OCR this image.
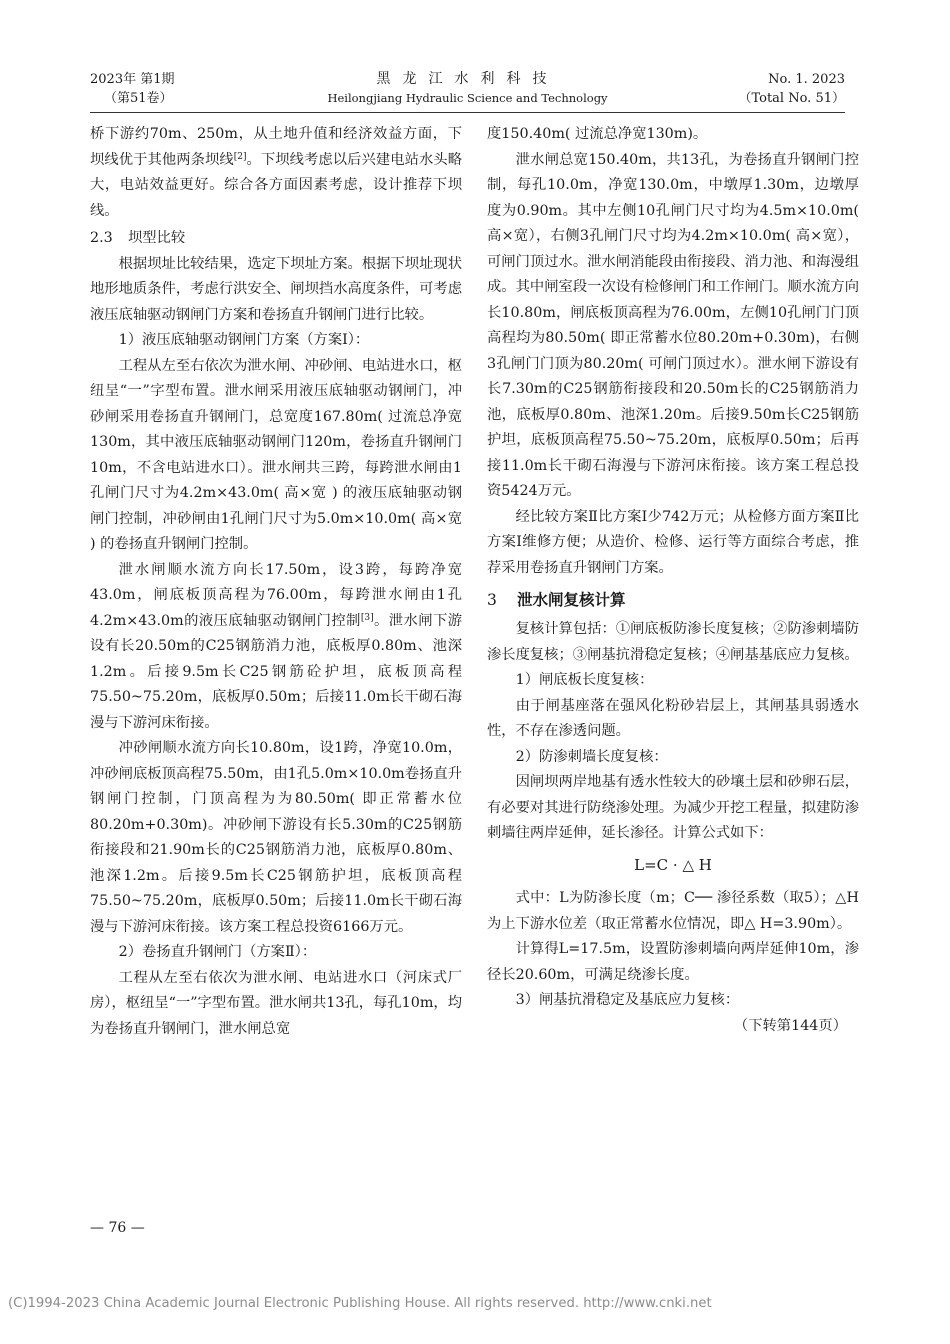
2023年 第1期
（第51卷）
黑龙江水利科技
Heilongjiang Hydraulic Science and Technology
No. 1. 2023
（Total No. 51）

桥下游约70m、250m，从土地升值和经济效益方面，下坝线优于其他两条坝线[2]。下坝线考虑以后兴建电站水头略大，电站效益更好。综合各方面因素考虑，设计推荐下坝线。

2.3 坝型比较

根据坝址比较结果，选定下坝址方案。根据下坝址现状地形地质条件，考虑行洪安全、闸坝挡水高度条件，可考虑液压底轴驱动钢闸门方案和卷扬直升钢闸门进行比较。

1）液压底轴驱动钢闸门方案（方案Ⅰ）：

工程从左至右依次为泄水闸、冲砂闸、电站进水口，枢纽呈“一”字型布置。泄水闸采用液压底轴驱动钢闸门，冲砂闸采用卷扬直升钢闸门，总宽度167.80m( 过流总净宽130m，其中液压底轴驱动钢闸门120m，卷扬直升钢闸门10m，不含电站进水口）。泄水闸共三跨，每跨泄水闸由1孔闸门尺寸为4.2m×43.0m( 高×宽 ) 的液压底轴驱动钢闸门控制，冲砂闸由1孔闸门尺寸为5.0m×10.0m( 高×宽 ) 的卷扬直升钢闸门控制。

泄水闸顺水流方向长17.50m，设3跨，每跨净宽43.0m，闸底板顶高程为76.00m，每跨泄水闸由1孔4.2m×43.0m的液压底轴驱动钢闸门控制[3]。泄水闸下游设有长20.50m的C25钢筋消力池，底板厚0.80m、池深1.2m。后接9.5m长C25钢筋砼护坦，底板顶高程75.50~75.20m，底板厚0.50m；后接11.0m长干砌石海漫与下游河床衔接。

冲砂闸顺水流方向长10.80m，设1跨，净宽10.0m，冲砂闸底板顶高程75.50m，由1孔5.0m×10.0m卷扬直升钢闸门控制，门顶高程为为80.50m( 即正常蓄水位80.20m+0.30m)。冲砂闸下游设有长5.30m的C25钢筋衔接段和21.90m长的C25钢筋消力池，底板厚0.80m、池深1.2m。后接9.5m长C25钢筋护坦，底板顶高程75.50~75.20m，底板厚0.50m；后接11.0m长干砌石海漫与下游河床衔接。该方案工程总投资6166万元。

2）卷扬直升钢闸门（方案Ⅱ）：

工程从左至右依次为泄水闸、电站进水口（河床式厂房），枢纽呈“一”字型布置。泄水闸共13孔，每孔10m，均为卷扬直升钢闸门，泄水闸总宽

度150.40m( 过流总净宽130m)。

泄水闸总宽150.40m，共13孔，为卷扬直升钢闸门控制，每孔10.0m，净宽130.0m，中墩厚1.30m，边墩厚度为0.90m。其中左侧10孔闸门尺寸均为4.5m×10.0m( 高×宽），右侧3孔闸门尺寸均为4.2m×10.0m( 高×宽），可闸门顶过水。泄水闸消能段由衔接段、消力池、和海漫组成。其中闸室段一次设有检修闸门和工作闸门。顺水流方向长10.80m，闸底板顶高程为76.00m，左侧10孔闸门门顶高程均为80.50m( 即正常蓄水位80.20m+0.30m)，右侧3孔闸门门顶为80.20m( 可闸门顶过水）。泄水闸下游设有长7.30m的C25钢筋衔接段和20.50m长的C25钢筋消力池，底板厚0.80m、池深1.20m。后接9.50m长C25钢筋护坦，底板顶高程75.50~75.20m，底板厚0.50m；后再接11.0m长干砌石海漫与下游河床衔接。该方案工程总投资5424万元。

经比较方案Ⅱ比方案Ⅰ少742万元；从检修方面方案Ⅱ比方案Ⅰ维修方便；从造价、检修、运行等方面综合考虑，推荐采用卷扬直升钢闸门方案。

3 泄水闸复核计算

复核计算包括：①闸底板防渗长度复核；②防渗刺墙防渗长度复核；③闸基抗滑稳定复核；④闸基基底应力复核。

1）闸底板长度复核：

由于闸基座落在强风化粉砂岩层上，其闸基具弱透水性，不存在渗透问题。

2）防渗刺墙长度复核：

因闸坝两岸地基有透水性较大的砂壤土层和砂卵石层，有必要对其进行防绕渗处理。为减少开挖工程量，拟建防渗刺墙往两岸延伸，延长渗径。计算公式如下：

L=C · △ H

式中：L为防渗长度（m；C── 渗径系数（取5）；△H为上下游水位差（取正常蓄水位情况，即△ H=3.90m）。

计算得L=17.5m，设置防渗刺墙向两岸延伸10m，渗径长20.60m，可满足绕渗长度。

3）闸基抗滑稳定及基底应力复核：

（下转第144页）

— 76 —
(C)1994-2023 China Academic Journal Electronic Publishing House. All rights reserved. http://www.cnki.net
